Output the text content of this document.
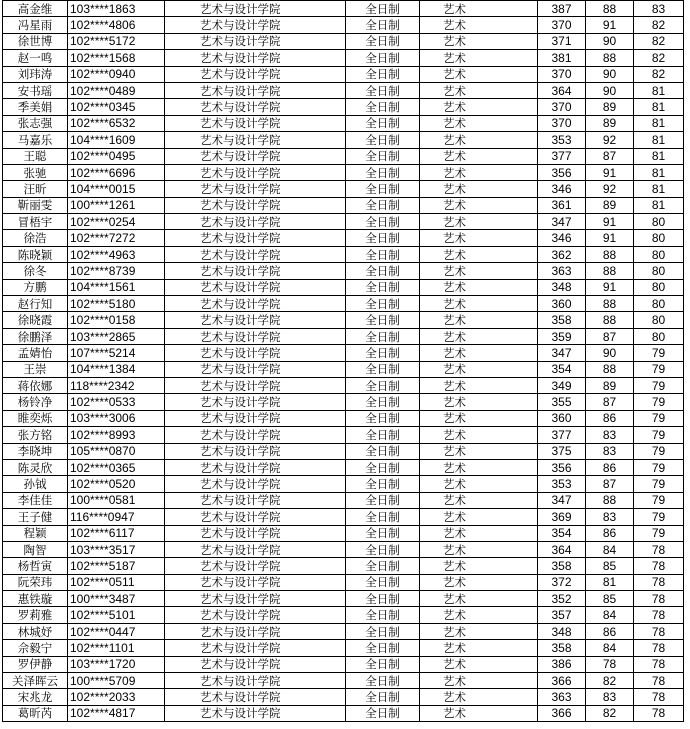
高金维	103****1863	艺术与设计学院	全日制	艺术	387	88	83
冯星雨	102****4806	艺术与设计学院	全日制	艺术	370	91	82
徐世博	102****5172	艺术与设计学院	全日制	艺术	371	90	82
赵一鸣	102****1568	艺术与设计学院	全日制	艺术	381	88	82
刘玮涛	102****0940	艺术与设计学院	全日制	艺术	370	90	82
安书瑶	102****0489	艺术与设计学院	全日制	艺术	364	90	81
季美娟	102****0345	艺术与设计学院	全日制	艺术	370	89	81
张志强	102****6532	艺术与设计学院	全日制	艺术	370	89	81
马嘉乐	104****1609	艺术与设计学院	全日制	艺术	353	92	81
王聪	102****0495	艺术与设计学院	全日制	艺术	377	87	81
张驰	102****6696	艺术与设计学院	全日制	艺术	356	91	81
汪昕	104****0015	艺术与设计学院	全日制	艺术	346	92	81
靳丽雯	100****1261	艺术与设计学院	全日制	艺术	361	89	81
冒梧宇	102****0254	艺术与设计学院	全日制	艺术	347	91	80
徐浩	102****7272	艺术与设计学院	全日制	艺术	346	91	80
陈晓颖	102****4963	艺术与设计学院	全日制	艺术	362	88	80
徐冬	102****8739	艺术与设计学院	全日制	艺术	363	88	80
方鹏	104****1561	艺术与设计学院	全日制	艺术	348	91	80
赵行知	102****5180	艺术与设计学院	全日制	艺术	360	88	80
徐晓霞	102****0158	艺术与设计学院	全日制	艺术	358	88	80
徐鹏泽	103****2865	艺术与设计学院	全日制	艺术	359	87	80
孟婧怡	107****5214	艺术与设计学院	全日制	艺术	347	90	79
王崇	104****1384	艺术与设计学院	全日制	艺术	354	88	79
蒋依娜	118****2342	艺术与设计学院	全日制	艺术	349	89	79
杨铃净	102****0533	艺术与设计学院	全日制	艺术	355	87	79
睢奕烁	103****3006	艺术与设计学院	全日制	艺术	360	86	79
张方铭	102****8993	艺术与设计学院	全日制	艺术	377	83	79
李晓坤	105****0870	艺术与设计学院	全日制	艺术	375	83	79
陈灵欣	102****0365	艺术与设计学院	全日制	艺术	356	86	79
孙钺	102****0520	艺术与设计学院	全日制	艺术	353	87	79
李佳佳	100****0581	艺术与设计学院	全日制	艺术	347	88	79
王子健	116****0947	艺术与设计学院	全日制	艺术	369	83	79
程颖	102****6117	艺术与设计学院	全日制	艺术	354	86	79
陶智	103****3517	艺术与设计学院	全日制	艺术	364	84	78
杨哲寅	102****5187	艺术与设计学院	全日制	艺术	358	85	78
阮荣玮	102****0511	艺术与设计学院	全日制	艺术	372	81	78
惠铁璇	100****3487	艺术与设计学院	全日制	艺术	352	85	78
罗莉雅	102****5101	艺术与设计学院	全日制	艺术	357	84	78
林城妤	102****0447	艺术与设计学院	全日制	艺术	348	86	78
佘毅宁	102****1101	艺术与设计学院	全日制	艺术	358	84	78
罗伊静	103****1720	艺术与设计学院	全日制	艺术	386	78	78
关泽晖云	100****5709	艺术与设计学院	全日制	艺术	366	82	78
宋兆龙	102****2033	艺术与设计学院	全日制	艺术	363	83	78
葛昕芮	102****4817	艺术与设计学院	全日制	艺术	366	82	78
